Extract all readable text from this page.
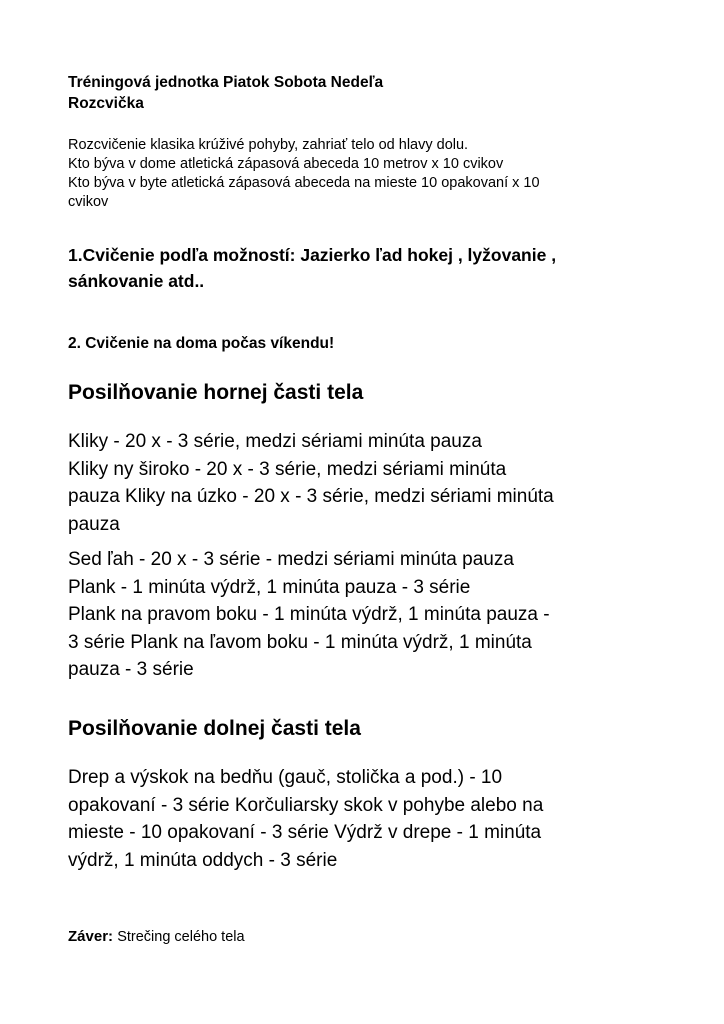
Tréningová jednotka Piatok Sobota Nedeľa
Rozcvička
Rozcvičenie klasika krúživé pohyby, zahriať telo od hlavy dolu.
Kto býva v dome atletická zápasová abeceda 10 metrov x 10 cvikov
Kto býva v byte atletická zápasová abeceda na mieste 10 opakovaní x 10
cvikov
1.Cvičenie podľa možností: Jazierko ľad hokej , lyžovanie ,
sánkovanie atd..
2. Cvičenie na doma počas víkendu!
Posilňovanie hornej časti tela
Kliky - 20 x - 3 série, medzi sériami minúta pauza
Kliky ny široko - 20 x - 3 série, medzi sériami minúta
pauza Kliky na úzko - 20 x - 3 série, medzi sériami minúta
pauza
Sed ľah - 20 x - 3 série - medzi sériami minúta pauza
Plank - 1 minúta výdrž, 1 minúta pauza - 3 série
Plank na pravom boku - 1 minúta výdrž, 1 minúta pauza -
3 série Plank na ľavom boku - 1 minúta výdrž, 1 minúta
pauza - 3 série
Posilňovanie dolnej časti tela
Drep a výskok na bedňu (gauč, stolička a pod.) - 10
opakovaní - 3 série Korčuliarsky skok v pohybe alebo na
mieste - 10 opakovaní - 3 série Výdrž v drepe - 1 minúta
výdrž, 1 minúta oddych - 3 série
Záver: Strečing celého tela
